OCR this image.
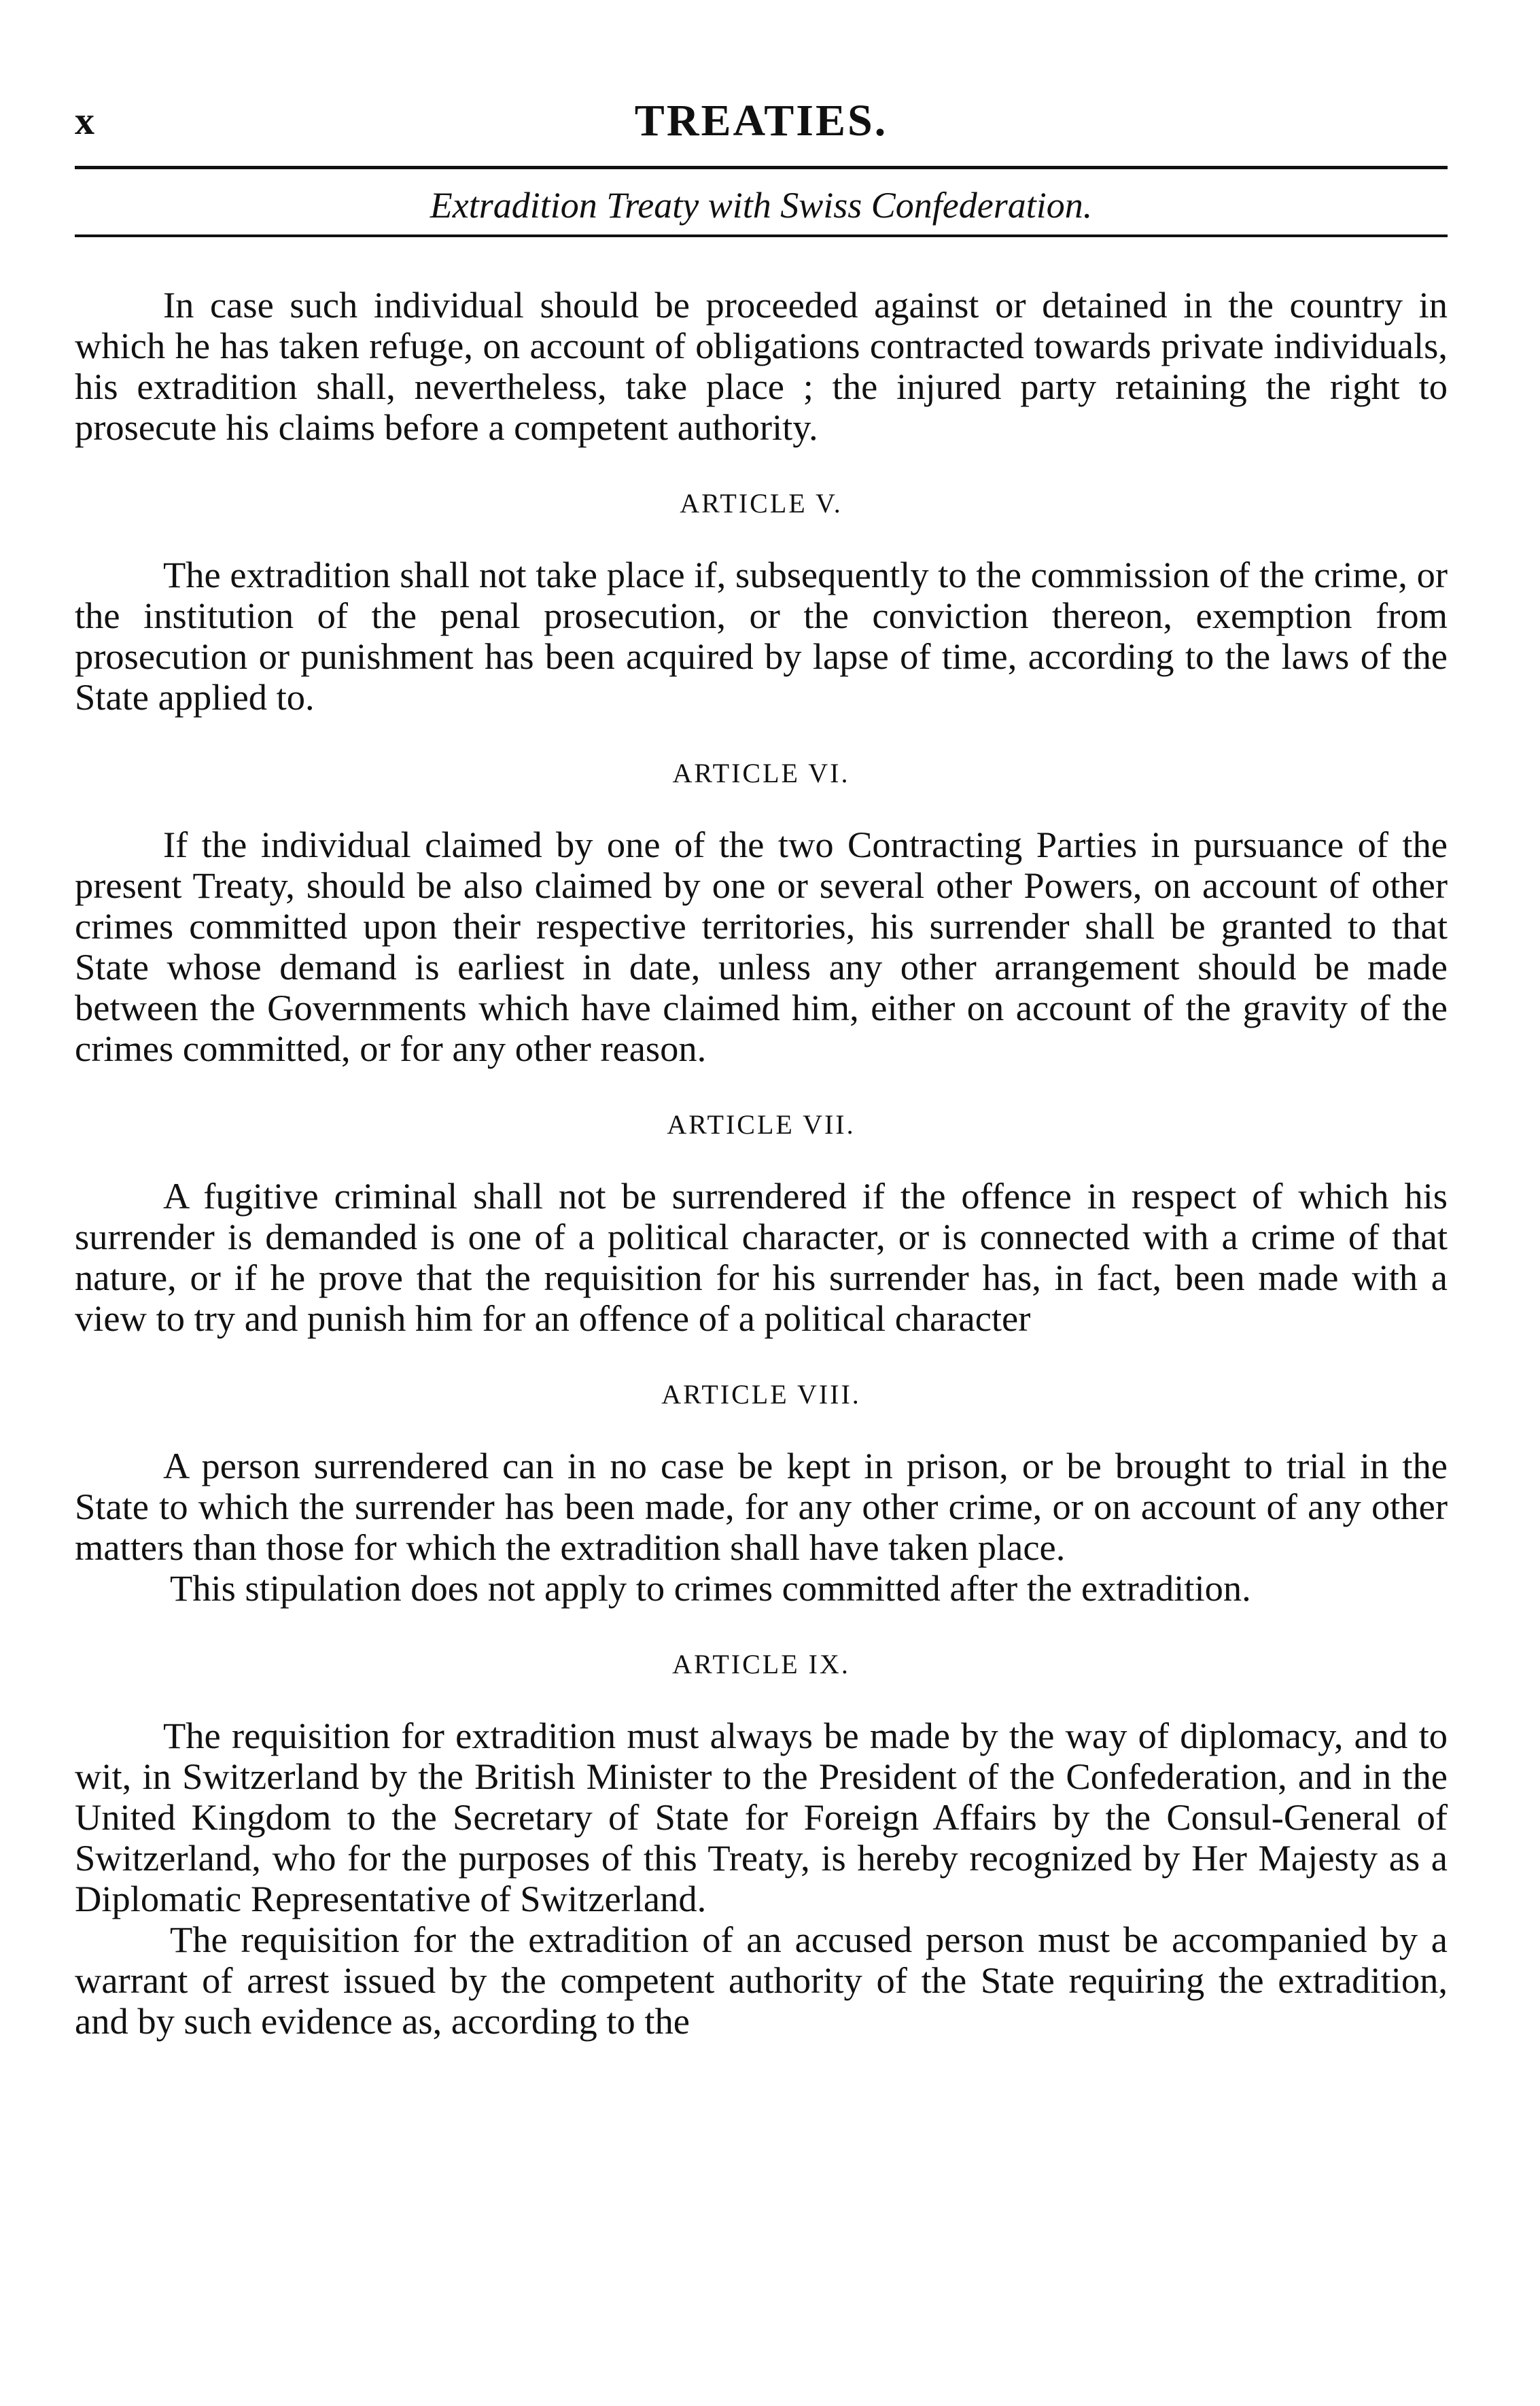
x	TREATIES.
Extradition Treaty with Swiss Confederation.

In case such individual should be proceeded against or detained in the country in which he has taken refuge, on account of obligations contracted towards private individuals, his extradition shall, nevertheless, take place ; the injured party retaining the right to prosecute his claims before a competent authority.

ARTICLE V.

The extradition shall not take place if, subsequently to the commission of the crime, or the institution of the penal prosecution, or the conviction thereon, exemption from prosecution or punishment has been acquired by lapse of time, according to the laws of the State applied to.

ARTICLE VI.

If the individual claimed by one of the two Contracting Parties in pursuance of the present Treaty, should be also claimed by one or several other Powers, on account of other crimes committed upon their respective territories, his surrender shall be granted to that State whose demand is earliest in date, unless any other arrangement should be made between the Governments which have claimed him, either on account of the gravity of the crimes committed, or for any other reason.

ARTICLE VII.

A fugitive criminal shall not be surrendered if the offence in respect of which his surrender is demanded is one of a political character, or is connected with a crime of that nature, or if he prove that the requisition for his surrender has, in fact, been made with a view to try and punish him for an offence of a political character

ARTICLE VIII.

A person surrendered can in no case be kept in prison, or be brought to trial in the State to which the surrender has been made, for any other crime, or on account of any other matters than those for which the extradition shall have taken place.

This stipulation does not apply to crimes committed after the extradition.

ARTICLE IX.

The requisition for extradition must always be made by the way of diplomacy, and to wit, in Switzerland by the British Minister to the President of the Confederation, and in the United Kingdom to the Secretary of State for Foreign Affairs by the Consul-General of Switzerland, who for the purposes of this Treaty, is hereby recognized by Her Majesty as a Diplomatic Representative of Switzerland.

The requisition for the extradition of an accused person must be accompanied by a warrant of arrest issued by the competent authority of the State requiring the extradition, and by such evidence as, according to the
